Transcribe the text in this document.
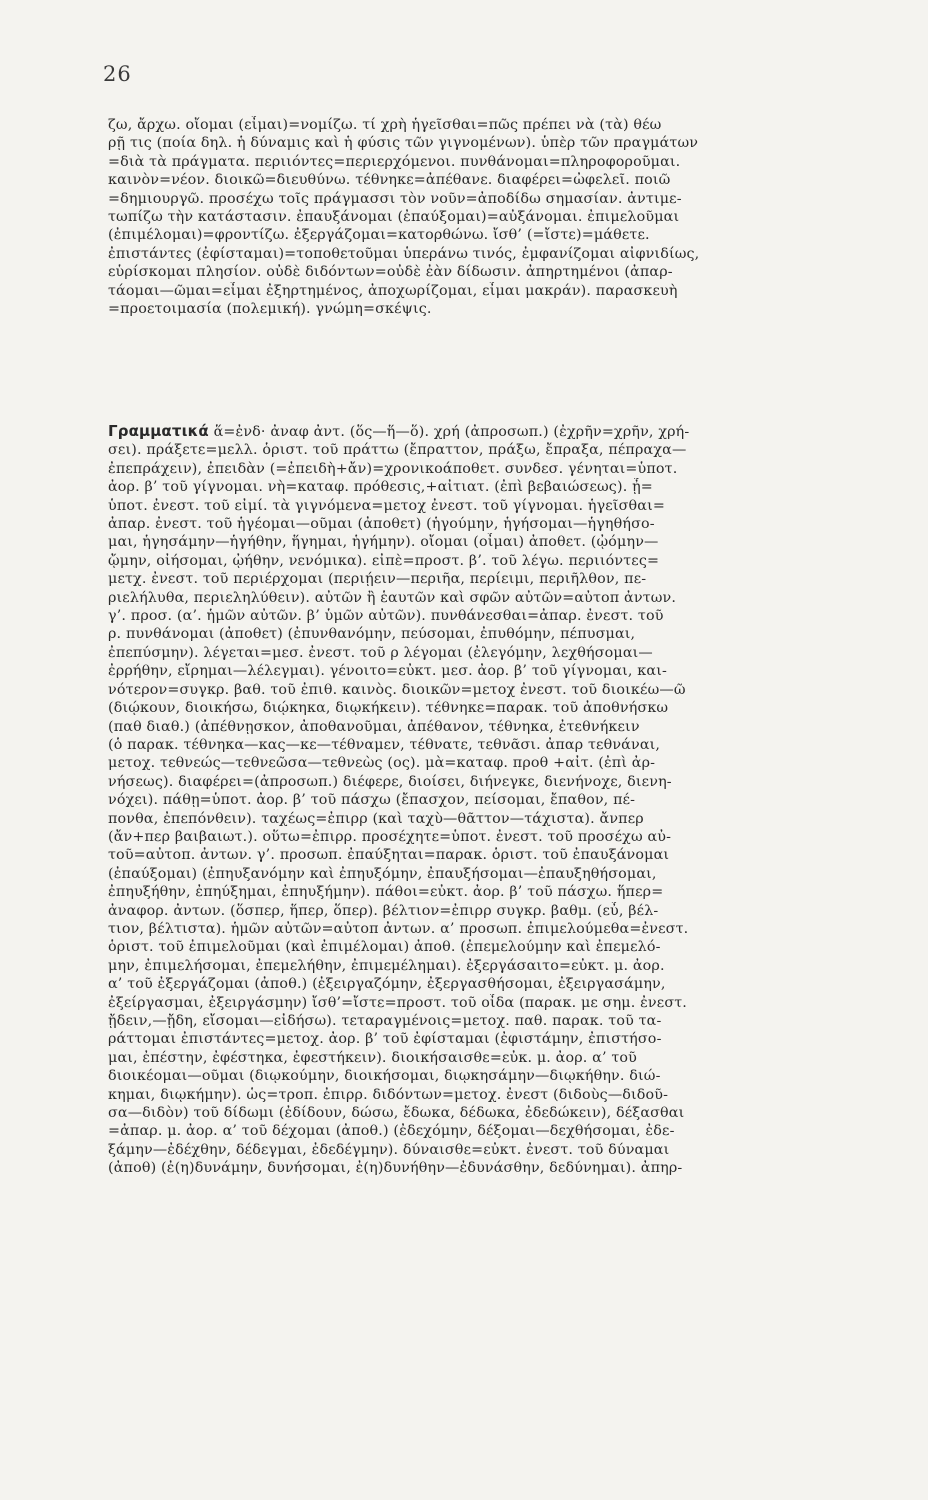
26
ζω, ἄρχω. οἴομαι (εἶμαι)=νομίζω. τί χρὴ ἡγεῖσθαι=πῶς πρέπει νὰ (τὰ) θέω
ρῇ τις (ποία δηλ. ἡ δύναμις καὶ ἡ φύσις τῶν γιγνομένων). ὑπὲρ τῶν πραγμάτων
=διὰ τὰ πράγματα. περιιόντες=περιερχόμενοι. πυνθάνομαι=πληροφοροῦμαι.
καινὸν=νέον. διοικῶ=διευθύνω. τέθνηκε=ἀπέθανε. διαφέρει=ὠφελεῖ. ποιῶ
=δημιουργῶ. προσέχω τοῖς πράγμασσι τὸν νοῦν=ἀποδίδω σημασίαν. ἀντιμε-
τωπίζω τὴν κατάστασιν. ἐπαυξάνομαι (ἐπαύξομαι)=αὐξάνομαι. ἐπιμελοῦμαι
(ἐπιμέλομαι)=φροντίζω. ἐξεργάζομαι=κατορθώνω. ἴσθ’ (=ἴστε)=μάθετε.
ἐπιστάντες (ἐφίσταμαι)=τοποθετοῦμαι ὑπεράνω τινός, ἐμφανίζομαι αἰφνιδίως,
εὑρίσκομαι πλησίον. οὐδὲ διδόντων=οὐδὲ ἐὰν δίδωσιν. ἀπηρτημένοι (ἀπαρ-
τάομαι—ῶμαι=εἶμαι ἐξηρτημένος, ἀποχωρίζομαι, εἶμαι μακράν). παρασκευὴ
=προετοιμασία (πολεμική). γνώμη=σκέψις.
Γραμματικά ἅ=ἐνδ· ἀναφ ἀντ. (ὅς—ἥ—ὅ). χρή (ἀπροσωπ.) (ἐχρῆν=χρῆν, χρή-
σει). πράξετε=μελλ. ὁριστ. τοῦ πράττω (ἔπραττον, πράξω, ἔπραξα, πέπραχα—
ἐπεπράχειν), ἐπειδὰν (=ἐπειδὴ+ἄν)=χρονικοάποθετ. συνδεσ. γένηται=ὑποτ.
ἀορ. β’ τοῦ γίγνομαι. νὴ=καταφ. πρόθεσις,+αἰτιατ. (ἐπὶ βεβαιώσεως). ᾖ=
ὑποτ. ἐνεστ. τοῦ εἰμί. τὰ γιγνόμενα=μετοχ ἐνεστ. τοῦ γίγνομαι. ἡγεῖσθαι=
ἀπαρ. ἐνεστ. τοῦ ἡγέομαι—οῦμαι (ἀποθετ) (ἡγούμην, ἡγήσομαι—ἡγηθήσο-
μαι, ἡγησάμην—ἡγήθην, ἥγημαι, ἡγήμην). οἴομαι (οἶμαι) ἀποθετ. (ᾠόμην—
ᾤμην, οἰήσομαι, ᾠήθην, νενόμικα). εἰπὲ=προστ. β’. τοῦ λέγω. περιιόντες=
μετχ. ἐνεστ. τοῦ περιέρχομαι (περιῄειν—περιῆα, περίειμι, περιῆλθον, πε-
ριελήλυθα, περιεληλύθειν). αὐτῶν ἢ ἑαυτῶν καὶ σφῶν αὐτῶν=αὐτοπ ἀντων.
γ’. προσ. (α’. ἡμῶν αὐτῶν. β’ ὑμῶν αὐτῶν). πυνθάνεσθαι=ἀπαρ. ἐνεστ. τοῦ
ρ. πυνθάνομαι (ἀποθετ) (ἐπυνθανόμην, πεύσομαι, ἐπυθόμην, πέπυσμαι,
ἐπεπύσμην). λέγεται=μεσ. ἐνεστ. τοῦ ρ λέγομαι (ἐλεγόμην, λεχθήσομαι—
ἐρρήθην, εἴρημαι—λέλεγμαι). γένοιτο=εὐκτ. μεσ. ἀορ. β’ τοῦ γίγνομαι, και-
νότερον=συγκρ. βαθ. τοῦ ἐπιθ. καινὸς. διοικῶν=μετοχ ἐνεστ. τοῦ διοικέω—ῶ
(διῴκουν, διοικήσω, διῴκηκα, διῳκήκειν). τέθνηκε=παρακ. τοῦ ἀποθνήσκω
(παθ διαθ.) (ἀπέθνῃσκον, ἀποθανοῦμαι, ἀπέθανον, τέθνηκα, ἐτεθνήκειν
(ὁ παρακ. τέθνηκα—κας—κε—τέθναμεν, τέθνατε, τεθνᾶσι. ἀπαρ τεθνάναι,
μετοχ. τεθνεώς—τεθνεῶσα—τεθνεὼς (ος). μὰ=καταφ. προθ +αἰτ. (ἐπὶ ἀρ-
νήσεως). διαφέρει=(ἀπροσωπ.) διέφερε, διοίσει, διήνεγκε, διενήνοχε, διενη-
νόχει). πάθῃ=ὑποτ. ἀορ. β’ τοῦ πάσχω (ἔπασχον, πείσομαι, ἔπαθον, πέ-
πονθα, ἐπεπόνθειν). ταχέως=ἐπιρρ (καὶ ταχὺ—θᾶττον—τάχιστα). ἄνπερ
(ἄν+περ βαιβαιωτ.). οὕτω=ἐπιρρ. προσέχητε=ὑποτ. ἐνεστ. τοῦ προσέχω αὐ-
τοῦ=αὐτοπ. ἀντων. γ’. προσωπ. ἐπαύξηται=παρακ. ὁριστ. τοῦ ἐπαυξάνομαι
(ἐπαύξομαι) (ἐπηυξανόμην καὶ ἐπηυξόμην, ἐπαυξήσομαι—ἐπαυξηθήσομαι,
ἐπηυξήθην, ἐπηύξημαι, ἐπηυξήμην). πάθοι=εὐκτ. ἀορ. β’ τοῦ πάσχω. ἥπερ=
ἀναφορ. ἀντων. (ὅσπερ, ἥπερ, ὅπερ). βέλτιον=ἐπιρρ συγκρ. βαθμ. (εὖ, βέλ-
τιον, βέλτιστα). ἡμῶν αὐτῶν=αὐτοπ ἀντων. α’ προσωπ. ἐπιμελούμεθα=ἐνεστ.
ὁριστ. τοῦ ἐπιμελοῦμαι (καὶ ἐπιμέλομαι) ἀποθ. (ἐπεμελούμην καὶ ἐπεμελό-
μην, ἐπιμελήσομαι, ἐπεμελήθην, ἐπιμεμέλημαι). ἐξεργάσαιτο=εὐκτ. μ. ἀορ.
α’ τοῦ ἐξεργάζομαι (ἀποθ.) (ἐξειργαζόμην, ἐξεργασθήσομαι, ἐξειργασάμην,
ἐξείργασμαι, ἐξειργάσμην) ἴσθ’=ἴστε=προστ. τοῦ οἶδα (παρακ. με σημ. ἐνεστ.
ᾔδειν,—ᾔδη, εἴσομαι—εἰδήσω). τεταραγμένοις=μετοχ. παθ. παρακ. τοῦ τα-
ράττομαι ἐπιστάντες=μετοχ. ἀορ. β’ τοῦ ἐφίσταμαι (ἐφιστάμην, ἐπιστήσο-
μαι, ἐπέστην, ἐφέστηκα, ἐφεστήκειν). διοικήσαισθε=εὐκ. μ. ἀορ. α’ τοῦ
διοικέομαι—οῦμαι (διῳκούμην, διοικήσομαι, διῳκησάμην—διῳκήθην. διώ-
κημαι, διῳκήμην). ὡς=τροπ. ἐπιρρ. διδόντων=μετοχ. ἐνεστ (διδοὺς—διδοῦ-
σα—διδὸν) τοῦ δίδωμι (ἐδίδουν, δώσω, ἔδωκα, δέδωκα, ἐδεδώκειν), δέξασθαι
=ἀπαρ. μ. ἀορ. α’ τοῦ δέχομαι (ἀποθ.) (ἐδεχόμην, δέξομαι—δεχθήσομαι, ἐδε-
ξάμην—ἐδέχθην, δέδεγμαι, ἐδεδέγμην). δύναισθε=εὐκτ. ἐνεστ. τοῦ δύναμαι
(ἀποθ) (ἐ(η)δυνάμην, δυνήσομαι, ἐ(η)δυνήθην—ἐδυνάσθην, δεδύνημαι). ἀπηρ-
